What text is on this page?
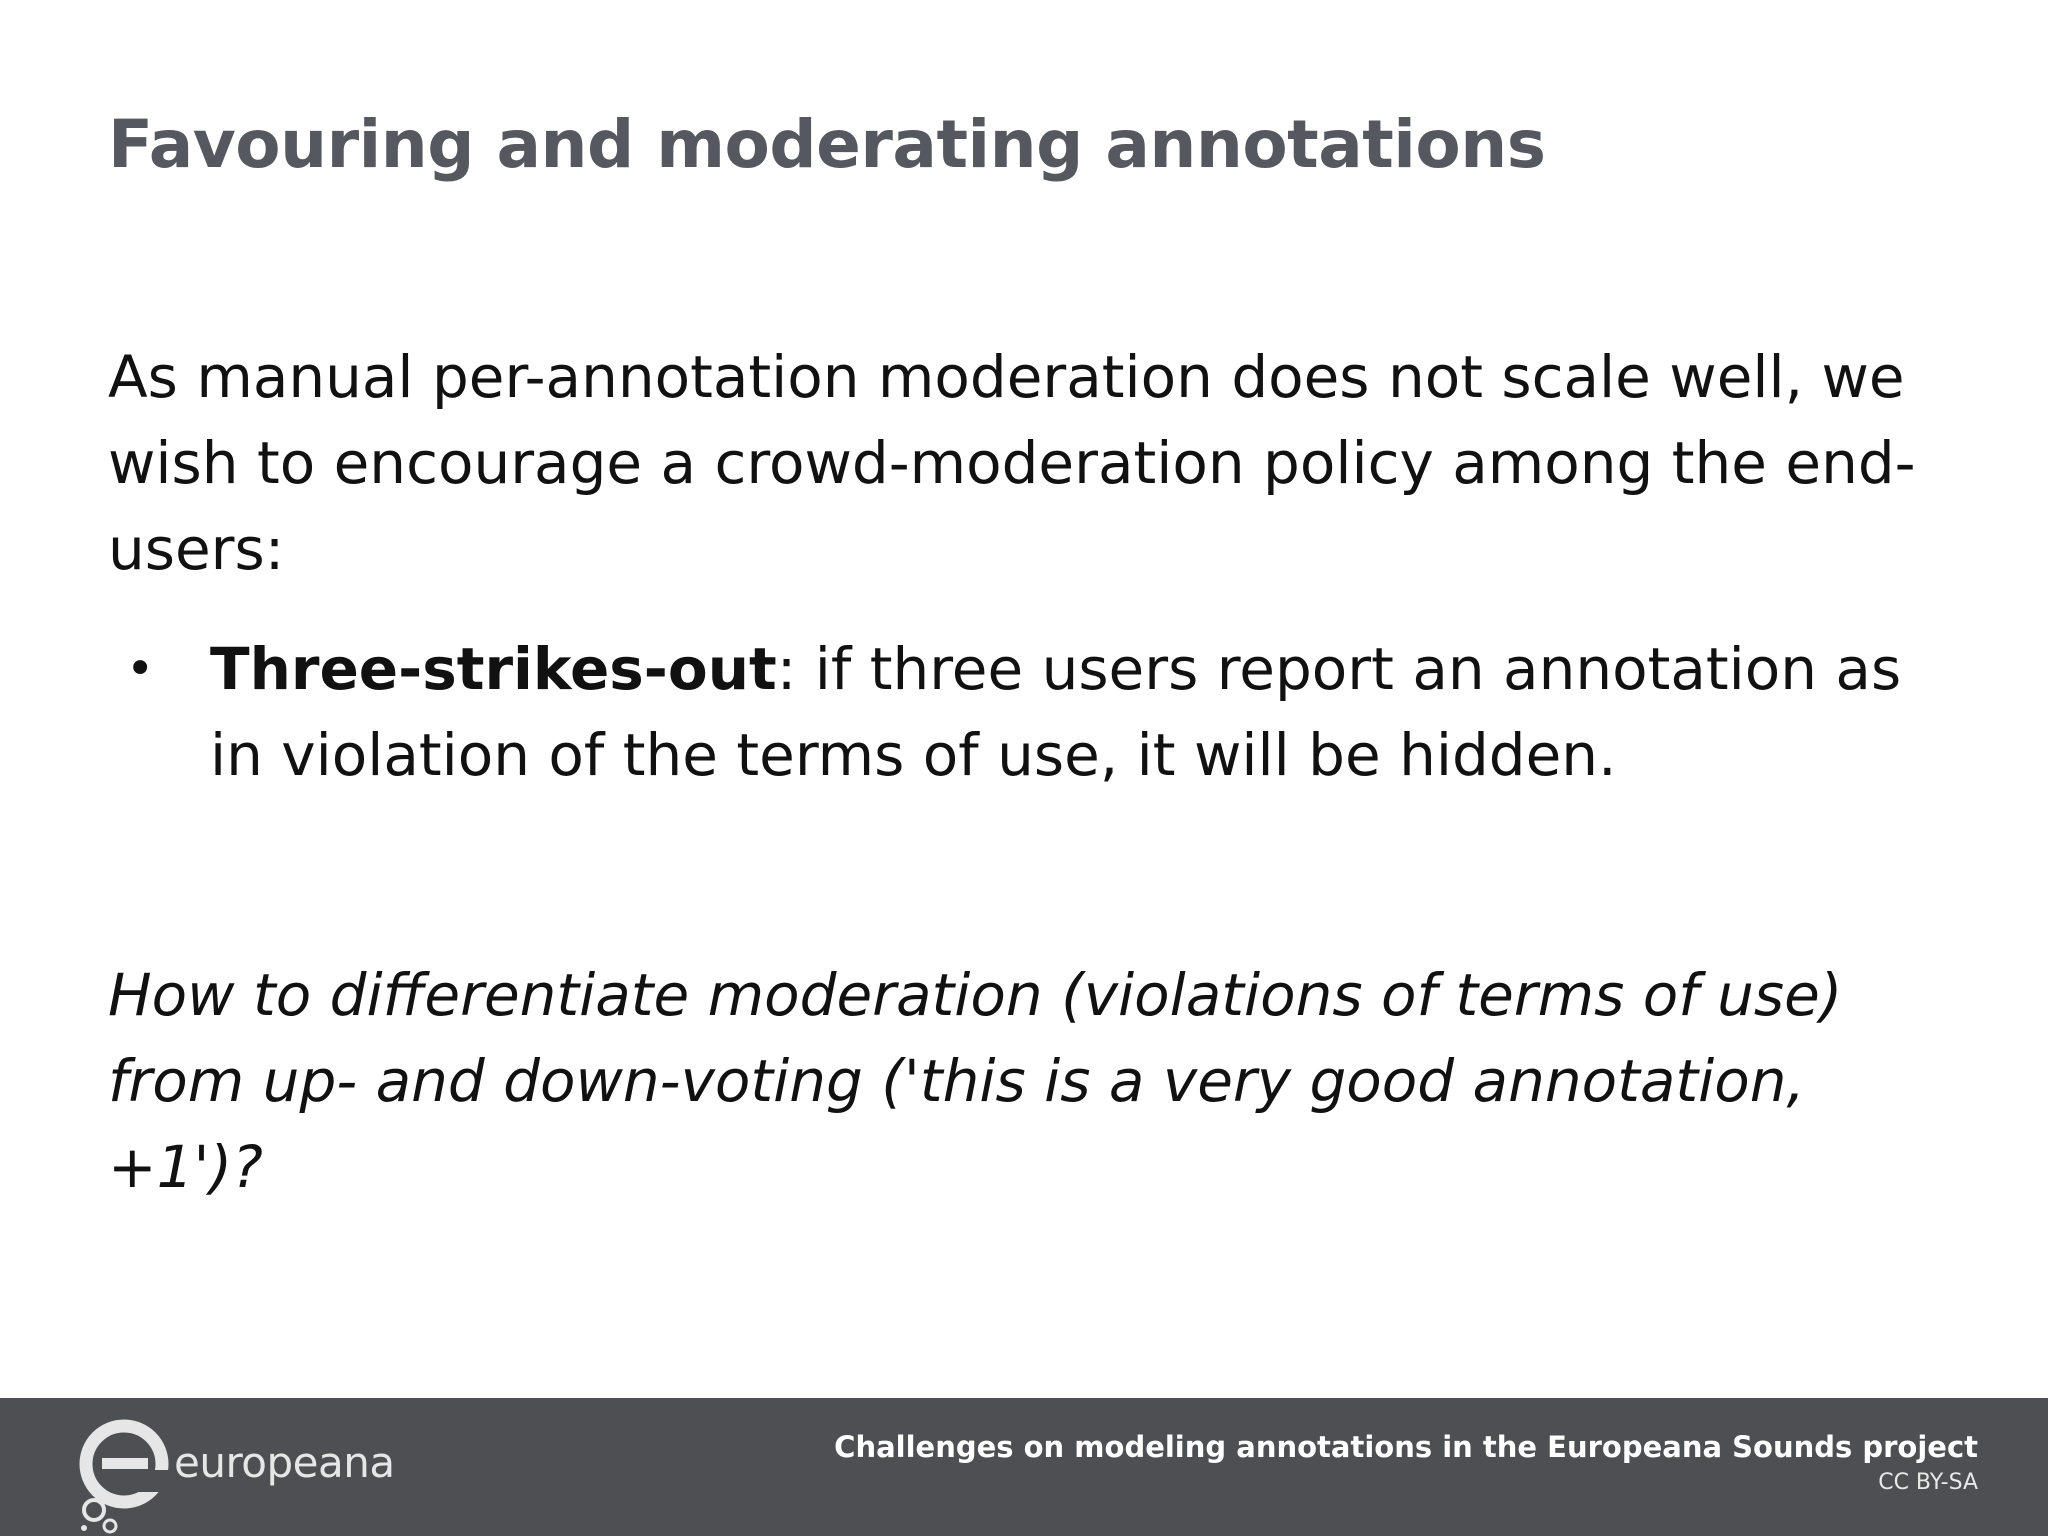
Favouring and moderating annotations

As manual per-annotation moderation does not scale well, we wish to encourage a crowd-moderation policy among the end-users:

• Three-strikes-out: if three users report an annotation as in violation of the terms of use, it will be hidden.

How to differentiate moderation (violations of terms of use) from up- and down-voting ('this is a very good annotation, +1')?

europeana	Challenges on modeling annotations in the Europeana Sounds project
CC BY-SA
